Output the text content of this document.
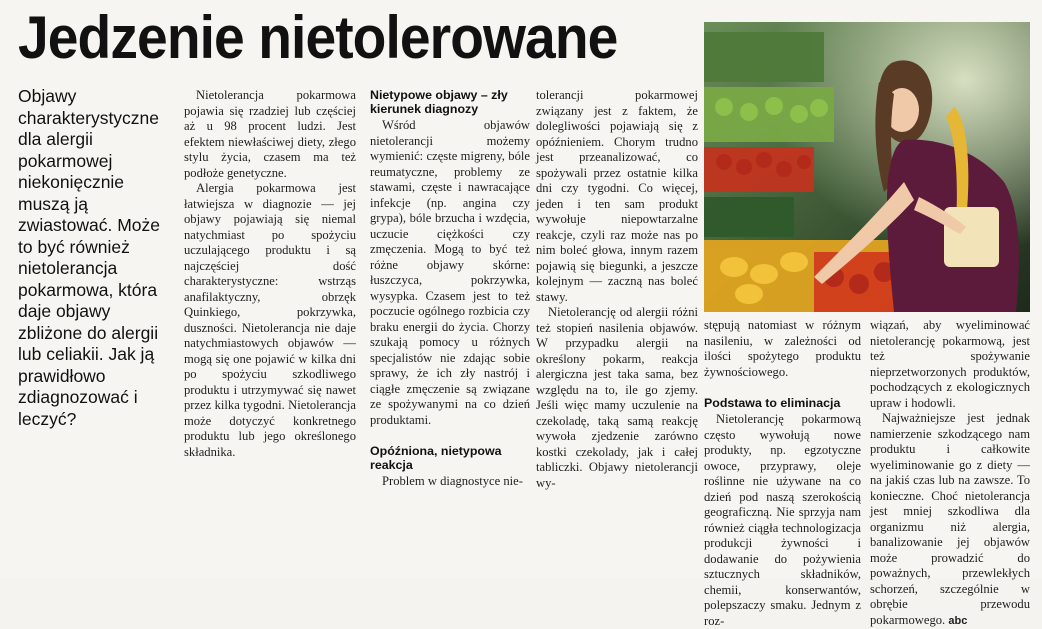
Jedzenie nietolerowane
Objawy charakterystyczne dla alergii pokarmowej niekonięcznie muszą ją zwiastować. Może to być również nietolerancja pokarmowa, która daje objawy zbliżone do alergii lub celiakii. Jak ją prawidłowo zdiagnozować i leczyć?

Nietolerancja pokarmowa pojawia się rzadziej lub częściej aż u 98 procent ludzi. Jest efektem niewłaściwej diety, złego stylu życia, czasem ma też podłoże genetyczne.

Alergia pokarmowa jest łatwiejsza w diagnozie — jej objawy pojawiają się niemal natychmiast po spożyciu uczulającego produktu i są najczęściej dość charakterystyczne: wstrząs anafilaktyczny, obrzęk Quinkiego, pokrzywka, duszności. Nietolerancja nie daje natychmiastowych objawów — mogą się one pojawić w kilka dni po spożyciu szkodliwego produktu i utrzymywać się nawet przez kilka tygodni. Nietolerancja może dotyczyć konkretnego produktu lub jego określonego składnika.

Nietypowe objawy – zły kierunek diagnozy

Wśród objawów nietolerancji możemy wymienić: częste migreny, bóle reumatyczne, problemy ze stawami, częste i nawracające infekcje (np. angina czy grypa), bóle brzucha i wzdęcia, uczucie ciężkości czy zmęczenia. Mogą to być też różne objawy skórne: łuszczyca, pokrzywka, wysypka. Czasem jest to też poczucie ogólnego rozbicia czy braku energii do życia. Chorzy szukają pomocy u różnych specjalistów nie zdając sobie sprawy, że ich zły nastrój i ciągłe zmęczenie są związane ze spożywanymi na co dzień produktami.

Opóźniona, nietypowa reakcja

Problem w diagnostyce nie-

tolerancji pokarmowej związany jest z faktem, że dolegliwości pojawiają się z opóźnieniem. Chorym trudno jest przeanalizować, co spożywali przez ostatnie kilka dni czy tygodni. Co więcej, jeden i ten sam produkt wywołuje niepowtarzalne reakcje, czyli raz może nas po nim boleć głowa, innym razem pojawią się biegunki, a jeszcze kolejnym — zaczną nas boleć stawy.

Nietolerancję od alergii różni też stopień nasilenia objawów. W przypadku alergii na określony pokarm, reakcja alergiczna jest taka sama, bez względu na to, ile go zjemy. Jeśli więc mamy uczulenie na czekoladę, taką samą reakcję wywoła zjedzenie zarówno kostki czekolady, jak i całej tabliczki. Objawy nietolerancji wy-

stępują natomiast w różnym nasileniu, w zależności od ilości spożytego produktu żywnościowego.

Podstawa to eliminacja

Nietolerancję pokarmową często wywołują nowe produkty, np. egzotyczne owoce, przyprawy, oleje roślinne nie używane na co dzień pod naszą szerokością geograficzną. Nie sprzyja nam również ciągła technologizacja produkcji żywności i dodawanie do pożywienia sztucznych składników, chemii, konserwantów, polepszaczy smaku. Jednym z roz-

wiązań, aby wyeliminować nietolerancję pokarmową, jest też spożywanie nieprzetworzonych produktów, pochodzących z ekologicznych upraw i hodowli.

Najważniejsze jest jednak namierzenie szkodzącego nam produktu i całkowite wyeliminowanie go z diety — na jakiś czas lub na zawsze. To konieczne. Choć nietolerancja jest mniej szkodliwa dla organizmu niż alergia, banalizowanie jej objawów może prowadzić do poważnych, przewlekłych schorzeń, szczególnie w obrębie przewodu pokarmowego. abc
